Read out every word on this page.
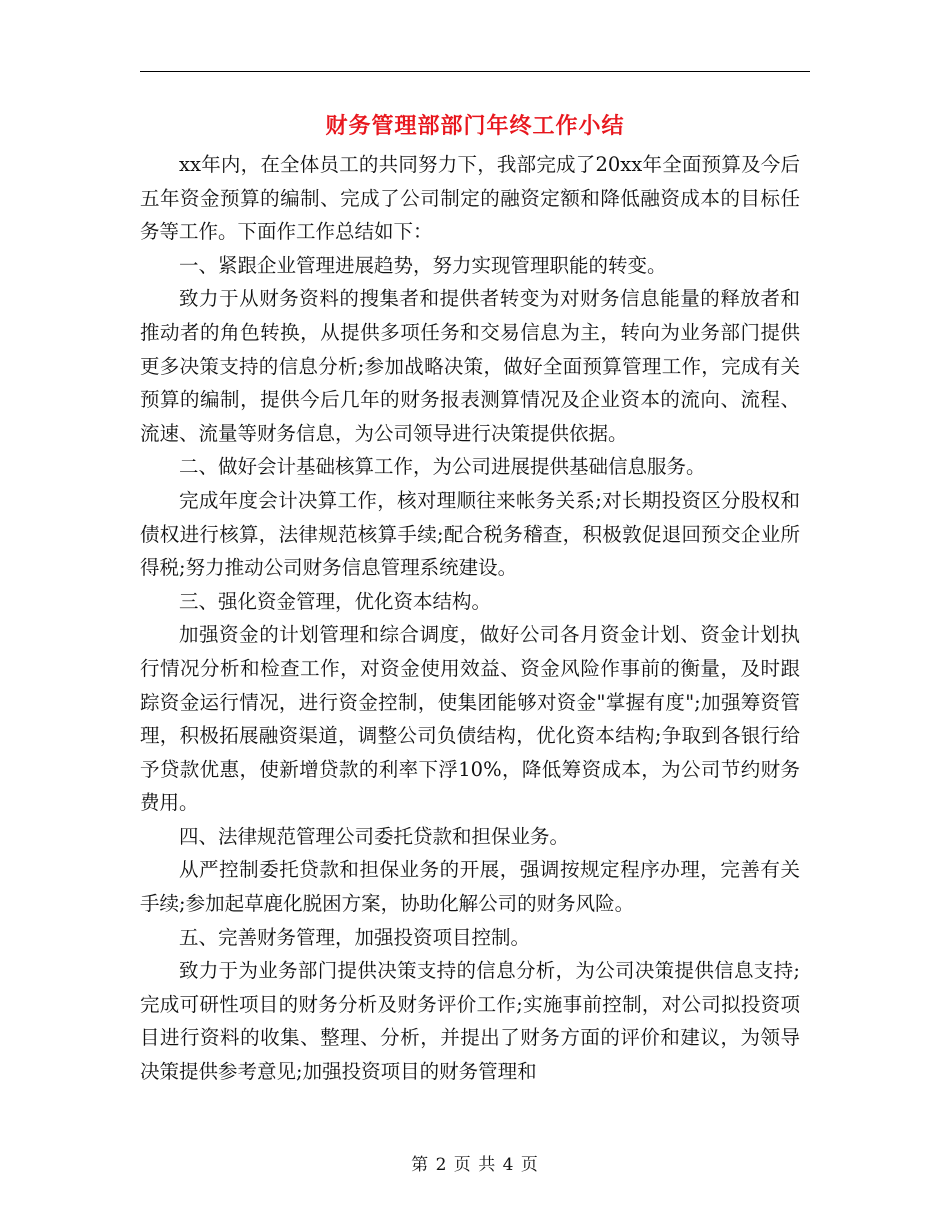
财务管理部部门年终工作小结

xx年内，在全体员工的共同努力下，我部完成了20xx年全面预算及今后五年资金预算的编制、完成了公司制定的融资定额和降低融资成本的目标任务等工作。下面作工作总结如下：

一、紧跟企业管理进展趋势，努力实现管理职能的转变。

致力于从财务资料的搜集者和提供者转变为对财务信息能量的释放者和推动者的角色转换，从提供多项任务和交易信息为主，转向为业务部门提供更多决策支持的信息分析;参加战略决策，做好全面预算管理工作，完成有关预算的编制，提供今后几年的财务报表测算情况及企业资本的流向、流程、流速、流量等财务信息，为公司领导进行决策提供依据。

二、做好会计基础核算工作，为公司进展提供基础信息服务。

完成年度会计决算工作，核对理顺往来帐务关系;对长期投资区分股权和债权进行核算，法律规范核算手续;配合税务稽查，积极敦促退回预交企业所得税;努力推动公司财务信息管理系统建设。

三、强化资金管理，优化资本结构。

加强资金的计划管理和综合调度，做好公司各月资金计划、资金计划执行情况分析和检查工作，对资金使用效益、资金风险作事前的衡量，及时跟踪资金运行情况，进行资金控制，使集团能够对资金"掌握有度";加强筹资管理，积极拓展融资渠道，调整公司负债结构，优化资本结构;争取到各银行给予贷款优惠，使新增贷款的利率下浮10%，降低筹资成本，为公司节约财务费用。

四、法律规范管理公司委托贷款和担保业务。

从严控制委托贷款和担保业务的开展，强调按规定程序办理，完善有关手续;参加起草鹿化脱困方案，协助化解公司的财务风险。

五、完善财务管理，加强投资项目控制。

致力于为业务部门提供决策支持的信息分析，为公司决策提供信息支持;完成可研性项目的财务分析及财务评价工作;实施事前控制，对公司拟投资项目进行资料的收集、整理、分析，并提出了财务方面的评价和建议，为领导决策提供参考意见;加强投资项目的财务管理和

第 2 页 共 4 页
